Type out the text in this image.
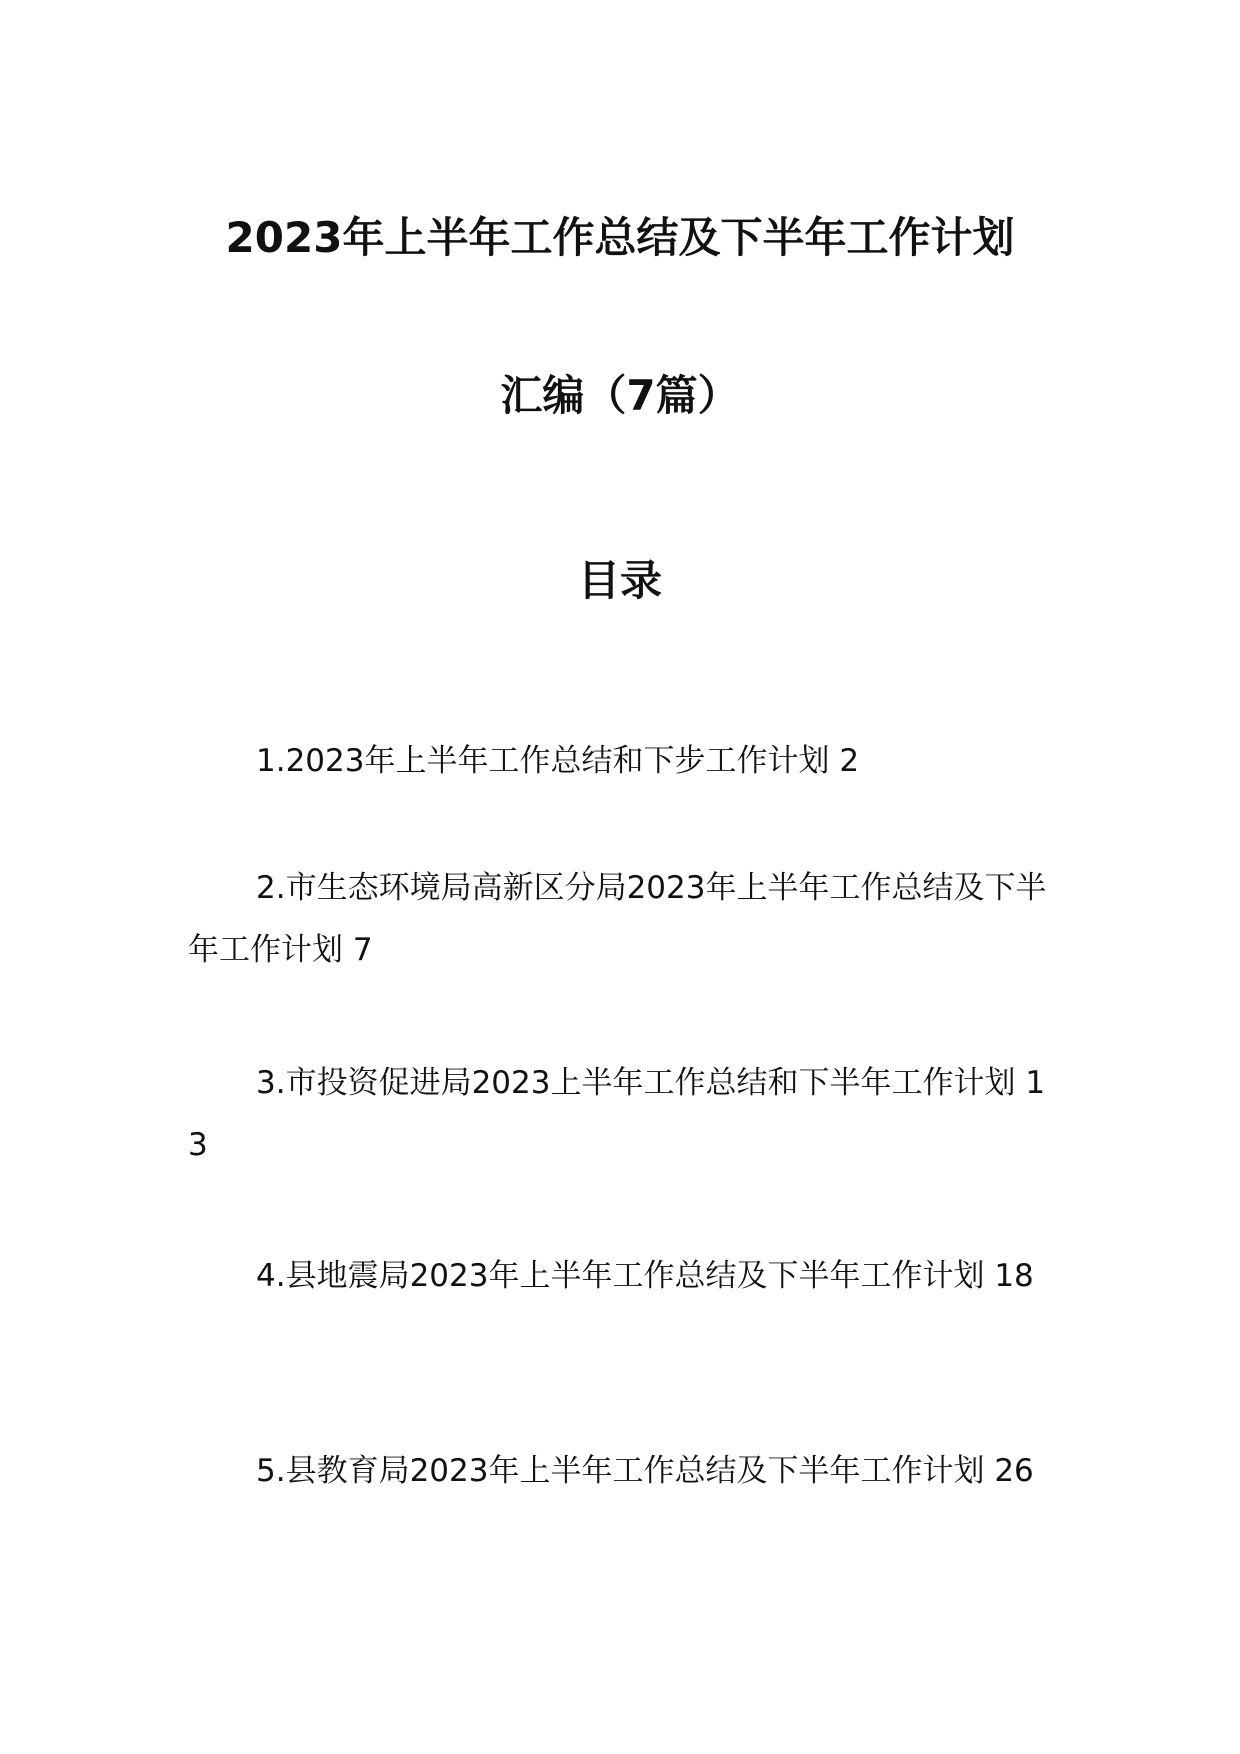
2023年上半年工作总结及下半年工作计划
汇编（7篇）
目录

1.2023年上半年工作总结和下步工作计划 2

2.市生态环境局高新区分局2023年上半年工作总结及下半年工作计划 7

3.市投资促进局2023上半年工作总结和下半年工作计划 13

4.县地震局2023年上半年工作总结及下半年工作计划 18

5.县教育局2023年上半年工作总结及下半年工作计划 26
